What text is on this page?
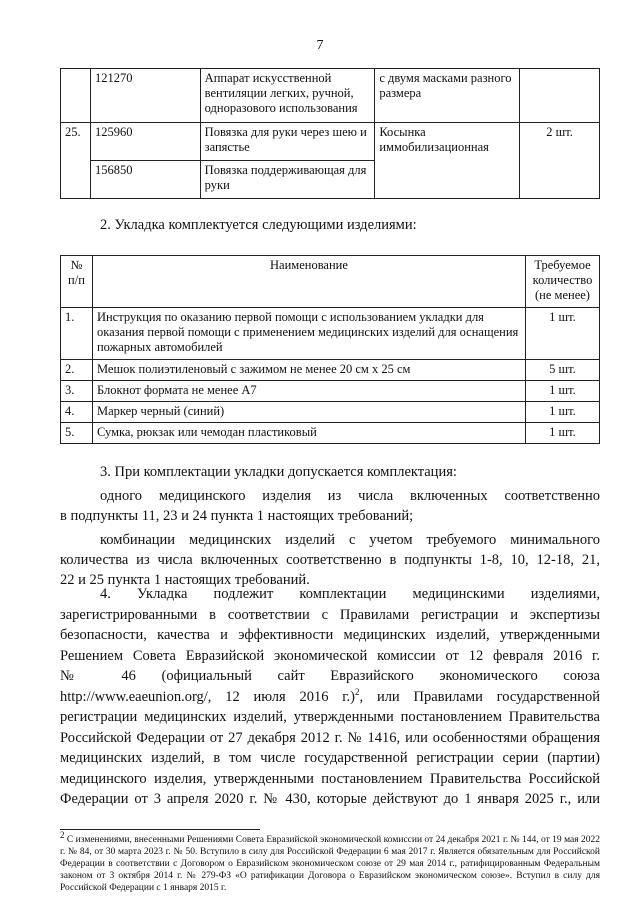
7
	121270	Аппарат искусственной вентиляции легких, ручной, одноразового использования	с двумя масками разного размера	
25.	125960	Повязка для руки через шею и запястье	Косынка иммобилизационная	2 шт.
	156850	Повязка поддерживающая для руки		
2. Укладка комплектуется следующими изделиями:
№ п/п	Наименование	Требуемое количество (не менее)
1.	Инструкция по оказанию первой помощи с использованием укладки для оказания первой помощи с применением медицинских изделий для оснащения пожарных автомобилей	1 шт.
2.	Мешок полиэтиленовый с зажимом не менее 20 см х 25 см	5 шт.
3.	Блокнот формата не менее А7	1 шт.
4.	Маркер черный (синий)	1 шт.
5.	Сумка, рюкзак или чемодан пластиковый	1 шт.
3. При комплектации укладки допускается комплектация:
одного медицинского изделия из числа включенных соответственно
в подпункты 11, 23 и 24 пункта 1 настоящих требований;
комбинации медицинских изделий с учетом требуемого минимального
количества из числа включенных соответственно в подпункты 1-8, 10, 12-18, 21,
22 и 25 пункта 1 настоящих требований.
4. Укладка подлежит комплектации медицинскими изделиями,
зарегистрированными в соответствии с Правилами регистрации и экспертизы
безопасности, качества и эффективности медицинских изделий, утвержденными
Решением Совета Евразийской экономической комиссии от 12 февраля 2016 г.
№ 46 (официальный сайт Евразийского экономического союза
http://www.eaeunion.org/, 12 июля 2016 г.)$^2$, или Правилами государственной
регистрации медицинских изделий, утвержденными постановлением Правительства
Российской Федерации от 27 декабря 2012 г. № 1416, или особенностями обращения
медицинских изделий, в том числе государственной регистрации серии (партии)
медицинского изделия, утвержденными постановлением Правительства Российской
Федерации от 3 апреля 2020 г. № 430, которые действуют до 1 января 2025 г., или
$^2$ С изменениями, внесенными Решениями Совета Евразийской экономической комиссии от 24 декабря 2021 г. № 144, от 19 мая 2022 г. № 84, от 30 марта 2023 г. № 50. Вступило в силу для Российской Федерации 6 мая 2017 г. Является обязательным для Российской Федерации в соответствии с Договором о Евразийском экономическом союзе от 29 мая 2014 г., ратифицированным Федеральным законом от 3 октября 2014 г. № 279-ФЗ «О ратификации Договора о Евразийском экономическом союзе». Вступил в силу для Российской Федерации с 1 января 2015 г.
